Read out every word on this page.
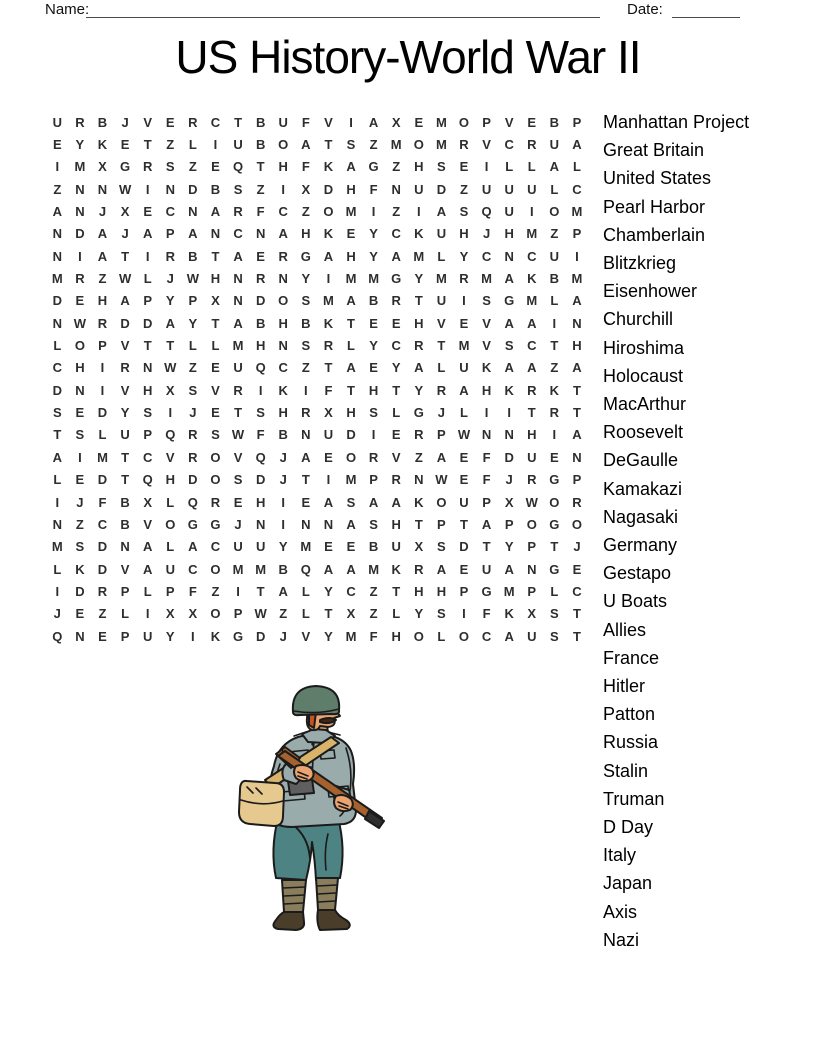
Name:	Date:
US History-World War II
U	R	B	J	V	E	R	C	T	B	U	F	V	I	A	X	E M O	P	V	E	B	P
E	Y	K	E	T	Z	L	I	U	B O A	T	S	Z	M O M R	V	C	R	U	A
I	M X	G R	S	Z	E	Q	T	H	F	K	A G	Z	H	S	E	I	L	L	A	L
Z	N	N W	I	N	D	B	S	Z	I	X	D	H	F	N	U	D	Z	U	U	U	L	C
A	N	J	X	E	C	N	A	R	F	C	Z	O M	I	Z	I	A	S	Q U	I	O M
N	D	A	J	A	P	A	N	C	N	A	H	K	E	Y	C	K	U	H	J	H M	Z	P
N	I	A	T	I	R	B	T	A	E	R G A	H	Y	A M	L	Y	C	N	C	U	I
M R	Z W L	J W H	N	R	N	Y	I	M M G	Y M R M A	K	B M
D	E	H	A	P	Y	P	X	N	D O	S M A	B	R	T	U	I	S	G M	L	A
N W R	D	D	A	Y	T	A	B	H	B	K	T	E	E	H	V	E	V	A	A	I	N
L	O	P	V	T	T	L	L	M H	N	S	R	L	Y	C	R	T	M V	S	C	T	H
C	H	I	R	N W Z	E	U Q C	Z	T	A	E	Y	A	L	U	K	A	A	Z	A
D	N	I	V	H	X	S	V	R	I	K	I	F	T	H	T	Y	R	A	H	K	R	K	T
S	E	D	Y	S	I	J	E	T	S	H	R	X	H	S	L	G	J	L	I	I	T	R	T
T	S	L	U	P	Q R	S W F	B	N	U	D	I	E	R	P W N	N	H	I	A
A	I	M	T	C	V	R O	V	Q	J	A	E	O R	V	Z	A	E	F	D	U	E	N
L	E	D	T	Q H	D O	S	D	J	T	I	M P	R	N W E	F	J	R G	P
I	J	F	B	X	L	Q R	E	H	I	E	A	S	A	A	K O U	P	X W O R
N	Z	C	B	V	O G G	J	N	I	N	N	A	S	H	T	P	T	A	P	O G O
M S	D	N	A	L	A	C	U	U	Y M E	E	B	U	X	S	D	T	Y	P	T	J
L	K	D	V	A	U	C O M M B Q A	A M K	R	A	E	U	A	N G	E
I	D	R	P	L	P	F	Z	I	T	A	L	Y	C	Z	T	H	H	P	G M P	L	C
J	E	Z	L	I	X	X	O	P W Z	L	T	X	Z	L	Y	S	I	F	K	X	S	T
Q N	E	P	U	Y	I	K G D	J	V	Y M	F	H O	L	O C	A	U	S	T
Manhattan Project
Great Britain
United States
Pearl Harbor
Chamberlain
Blitzkrieg
Eisenhower
Churchill
Hiroshima
Holocaust
MacArthur
Roosevelt
DeGaulle
Kamakazi
Nagasaki
Germany
Gestapo
U Boats
Allies
France
Hitler
Patton
Russia
Stalin
Truman
D Day
Italy
Japan
Axis
Nazi
